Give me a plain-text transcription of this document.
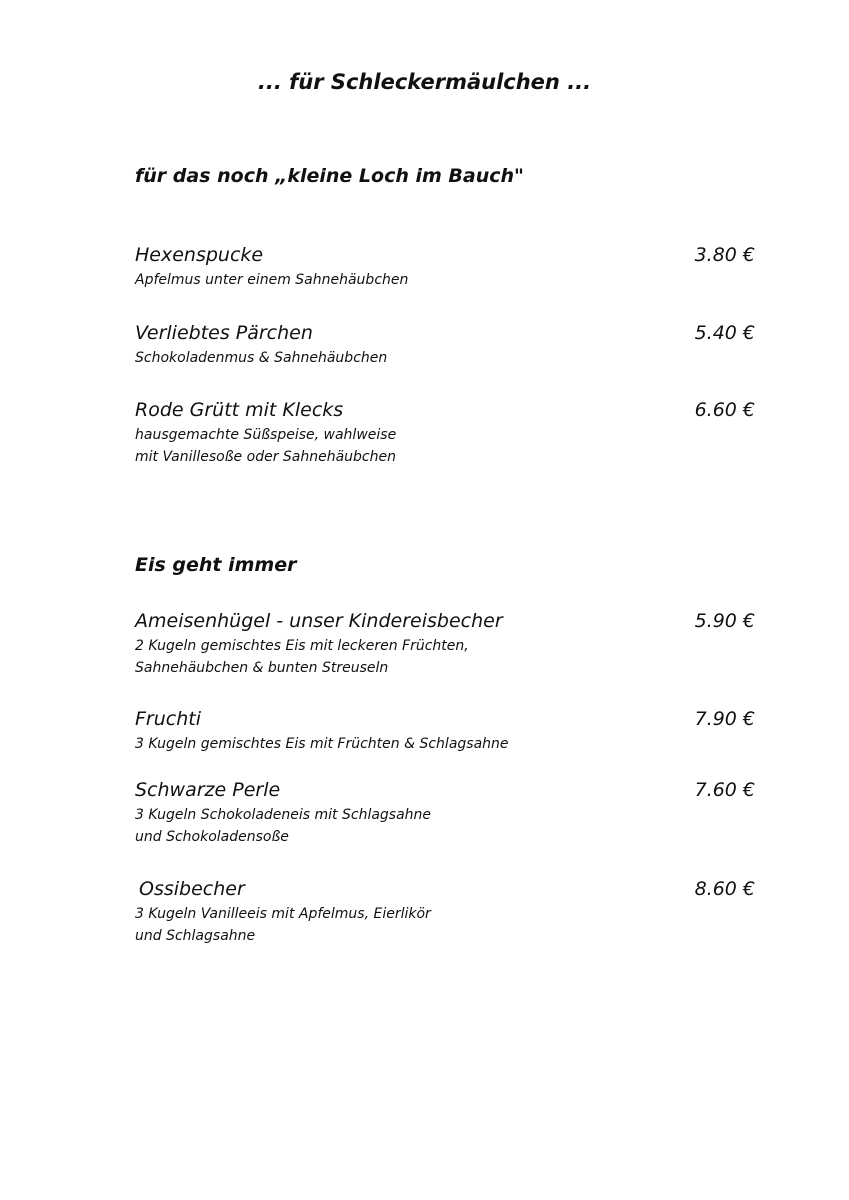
... für Schleckermäulchen ...
für das noch „kleine Loch im Bauch"
Hexenspucke	3.80 €
Apfelmus unter einem Sahnehäubchen
Verliebtes Pärchen	5.40 €
Schokoladenmus & Sahnehäubchen
Rode Grütt mit Klecks	6.60 €
hausgemachte Süßspeise, wahlweise
mit Vanillesoße oder Sahnehäubchen
Eis geht immer
Ameisenhügel - unser Kindereisbecher	5.90 €
2 Kugeln gemischtes Eis mit leckeren Früchten,
Sahnehäubchen & bunten Streuseln
Fruchti	7.90 €
3 Kugeln gemischtes Eis mit Früchten & Schlagsahne
Schwarze Perle	7.60 €
3 Kugeln Schokoladeneis mit Schlagsahne
und Schokoladensoße
Ossibecher	8.60 €
3 Kugeln Vanilleeis mit Apfelmus, Eierlikör
und Schlagsahne
